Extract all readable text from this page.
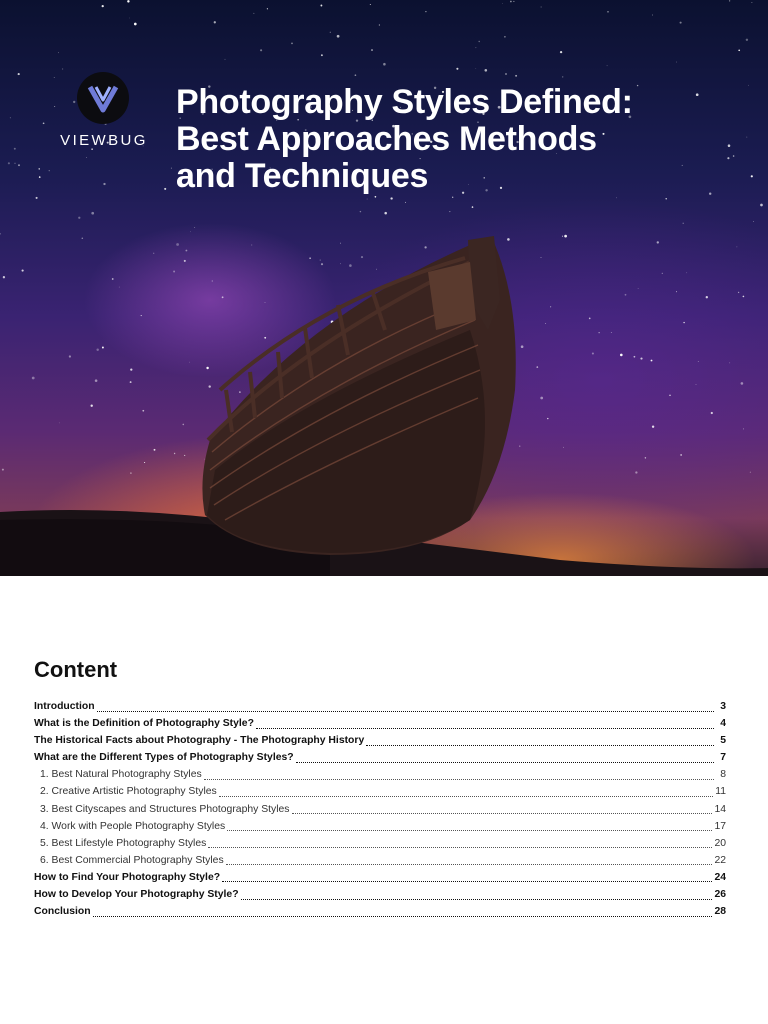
VIEWBUG
Photography Styles Defined:
Best Approaches Methods
and Techniques
Content
Introduction	3
What is the Definition of Photography Style?	4
The Historical Facts about Photography - The Photography History	5
What are the Different Types of Photography Styles?	7
1. Best Natural Photography Styles	8
2. Creative Artistic Photography Styles	11
3. Best Cityscapes and Structures Photography Styles	14
4. Work with People Photography Styles	17
5. Best Lifestyle Photography Styles	20
6. Best Commercial Photography Styles	22
How to Find Your Photography Style?	24
How to Develop Your Photography Style?	26
Conclusion	28
